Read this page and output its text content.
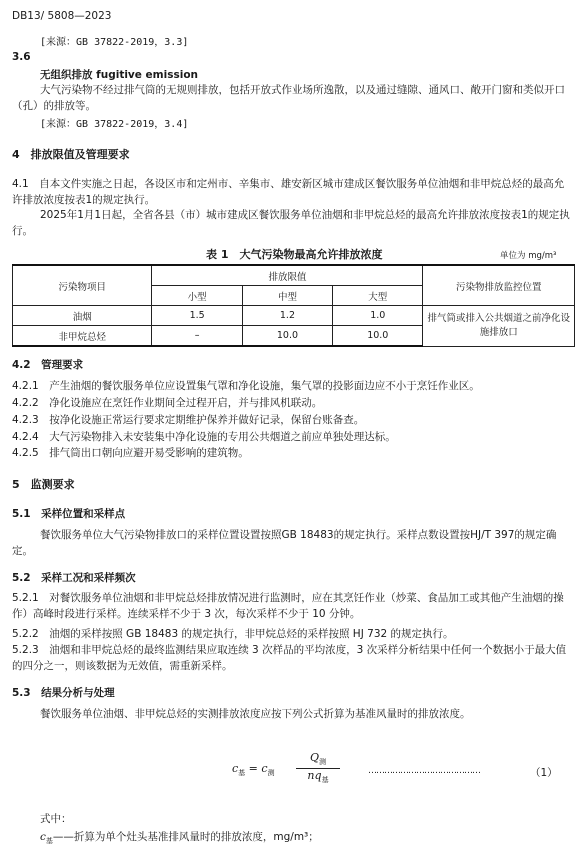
DB13/ 5808—2023
[来源：GB 37822-2019，3.3]
3.6
无组织排放 fugitive emission
大气污染物不经过排气筒的无规则排放，包括开放式作业场所逸散，以及通过缝隙、通风口、敞开门窗和类似开口（孔）的排放等。
[来源：GB 37822-2019，3.4]
4　排放限值及管理要求
4.1　自本文件实施之日起，各设区市和定州市、辛集市、雄安新区城市建成区餐饮服务单位油烟和非甲烷总烃的最高允许排放浓度按表1的规定执行。
2025年1月1日起，全省各县（市）城市建成区餐饮服务单位油烟和非甲烷总烃的最高允许排放浓度按表1的规定执行。
表 1　大气污染物最高允许排放浓度	单位为 mg/m³
污染物项目	排放限值			污染物排放监控位置
	小型	中型	大型	
油烟	1.5	1.2	1.0	排气筒或排入公共烟道之前净化设施排放口
非甲烷总烃	–	10.0	10.0	
4.2　管理要求
4.2.1　产生油烟的餐饮服务单位应设置集气罩和净化设施，集气罩的投影面边应不小于烹饪作业区。
4.2.2　净化设施应在烹饪作业期间全过程开启，并与排风机联动。
4.2.3　按净化设施正常运行要求定期维护保养并做好记录，保留台账备查。
4.2.4　大气污染物排入未安装集中净化设施的专用公共烟道之前应单独处理达标。
4.2.5　排气筒出口朝向应避开易受影响的建筑物。
5　监测要求
5.1　采样位置和采样点
餐饮服务单位大气污染物排放口的采样位置设置按照GB 18483的规定执行。采样点数设置按HJ/T 397的规定确定。
5.2　采样工况和采样频次
5.2.1　对餐饮服务单位油烟和非甲烷总烃排放情况进行监测时，应在其烹饪作业（炒菜、食品加工或其他产生油烟的操作）高峰时段进行采样。连续采样不少于 3 次，每次采样不少于 10 分钟。
5.2.2　油烟的采样按照 GB 18483 的规定执行，非甲烷总烃的采样按照 HJ 732 的规定执行。
5.2.3　油烟和非甲烷总烃的最终监测结果应取连续 3 次样品的平均浓度，3 次采样分析结果中任何一个数据小于最大值的四分之一，则该数据为无效值，需重新采样。
5.3　结果分析与处理
餐饮服务单位油烟、非甲烷总烃的实测排放浓度应按下列公式折算为基准风量时的排放浓度。
$c_基 = c_测$
$Q_测$
$nq_基$
……………………………………	（1）
式中：
$c_基——$折算为单个灶头基准排风量时的排放浓度，mg/m³；
